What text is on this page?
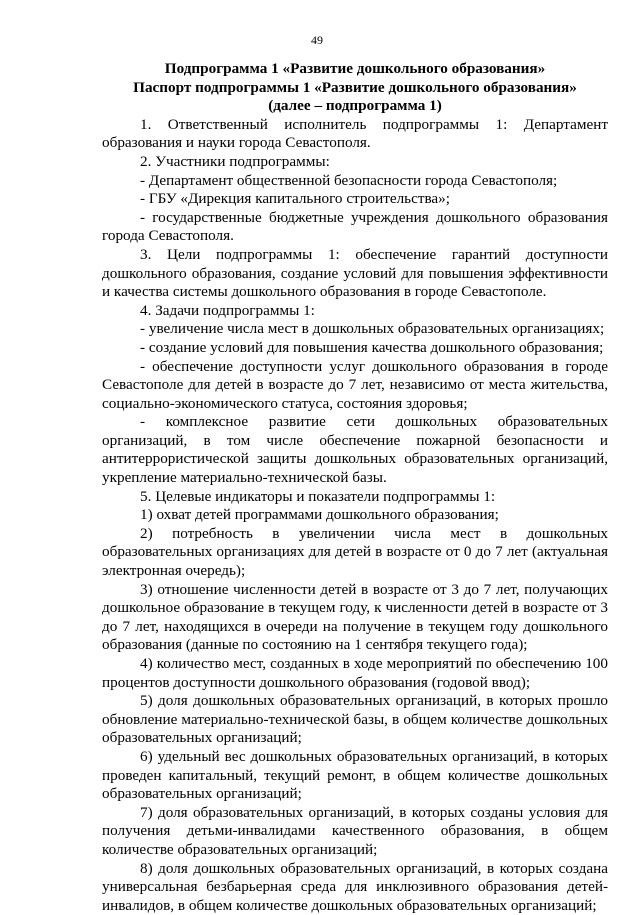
49

Подпрограмма 1 «Развитие дошкольного образования»

Паспорт подпрограммы 1 «Развитие дошкольного образования»

(далее – подпрограмма 1)

1. Ответственный исполнитель подпрограммы 1: Департамент образования и науки города Севастополя.

2. Участники подпрограммы:

- Департамент общественной безопасности города Севастополя;

- ГБУ «Дирекция капитального строительства»;

- государственные бюджетные учреждения дошкольного образования города Севастополя.

3. Цели подпрограммы 1: обеспечение гарантий доступности дошкольного образования, создание условий для повышения эффективности и качества системы дошкольного образования в городе Севастополе.

4. Задачи подпрограммы 1:

- увеличение числа мест в дошкольных образовательных организациях;

- создание условий для повышения качества дошкольного образования;

- обеспечение доступности услуг дошкольного образования в городе Севастополе для детей в возрасте до 7 лет, независимо от места жительства, социально-экономического статуса, состояния здоровья;

- комплексное развитие сети дошкольных образовательных организаций, в том числе обеспечение пожарной безопасности и антитеррористической защиты дошкольных образовательных организаций, укрепление материально-технической базы.

5. Целевые индикаторы и показатели подпрограммы 1:

1) охват детей программами дошкольного образования;

2) потребность в увеличении числа мест в дошкольных образовательных организациях для детей в возрасте от 0 до 7 лет (актуальная электронная очередь);

3) отношение численности детей в возрасте от 3 до 7 лет, получающих дошкольное образование в текущем году, к численности детей в возрасте от 3 до 7 лет, находящихся в очереди на получение в текущем году дошкольного образования (данные по состоянию на 1 сентября текущего года);

4) количество мест, созданных в ходе мероприятий по обеспечению 100 процентов доступности дошкольного образования (годовой ввод);

5) доля дошкольных образовательных организаций, в которых прошло обновление материально-технической базы, в общем количестве дошкольных образовательных организаций;

6) удельный вес дошкольных образовательных организаций, в которых проведен капитальный, текущий ремонт, в общем количестве дошкольных образовательных организаций;

7) доля образовательных организаций, в которых созданы условия для получения детьми-инвалидами качественного образования, в общем количестве образовательных организаций;

8) доля дошкольных образовательных организаций, в которых создана универсальная безбарьерная среда для инклюзивного образования детей-инвалидов, в общем количестве дошкольных образовательных организаций;
